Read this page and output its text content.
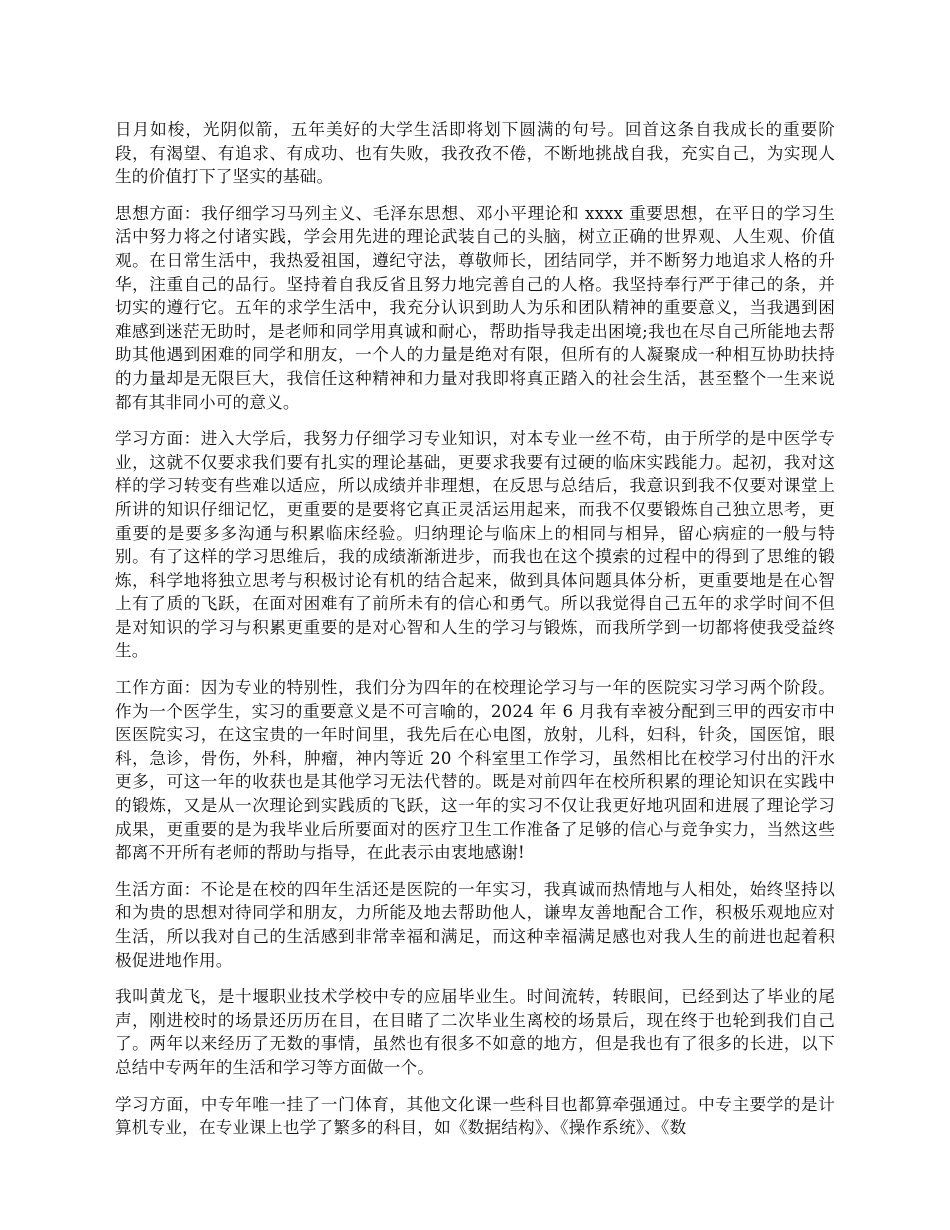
日月如梭，光阴似箭，五年美好的大学生活即将划下圆满的句号。回首这条自我成长的重要阶段，有渴望、有追求、有成功、也有失败，我孜孜不倦，不断地挑战自我，充实自己，为实现人生的价值打下了坚实的基础。

思想方面：我仔细学习马列主义、毛泽东思想、邓小平理论和 xxxx 重要思想，在平日的学习生活中努力将之付诸实践，学会用先进的理论武装自己的头脑，树立正确的世界观、人生观、价值观。在日常生活中，我热爱祖国，遵纪守法，尊敬师长，团结同学，并不断努力地追求人格的升华，注重自己的品行。坚持着自我反省且努力地完善自己的人格。我坚持奉行严于律己的条，并切实的遵行它。五年的求学生活中，我充分认识到助人为乐和团队精神的重要意义，当我遇到困难感到迷茫无助时，是老师和同学用真诚和耐心，帮助指导我走出困境;我也在尽自己所能地去帮助其他遇到困难的同学和朋友，一个人的力量是绝对有限，但所有的人凝聚成一种相互协助扶持的力量却是无限巨大，我信任这种精神和力量对我即将真正踏入的社会生活，甚至整个一生来说都有其非同小可的意义。

学习方面：进入大学后，我努力仔细学习专业知识，对本专业一丝不苟，由于所学的是中医学专业，这就不仅要求我们要有扎实的理论基础，更要求我要有过硬的临床实践能力。起初，我对这样的学习转变有些难以适应，所以成绩并非理想，在反思与总结后，我意识到我不仅要对课堂上所讲的知识仔细记忆，更重要的是要将它真正灵活运用起来，而我不仅要锻炼自己独立思考，更重要的是要多多沟通与积累临床经验。归纳理论与临床上的相同与相异，留心病症的一般与特别。有了这样的学习思维后，我的成绩渐渐进步，而我也在这个摸索的过程中的得到了思维的锻炼，科学地将独立思考与积极讨论有机的结合起来，做到具体问题具体分析，更重要地是在心智上有了质的飞跃，在面对困难有了前所未有的信心和勇气。所以我觉得自己五年的求学时间不但是对知识的学习与积累更重要的是对心智和人生的学习与锻炼，而我所学到一切都将使我受益终生。

工作方面：因为专业的特别性，我们分为四年的在校理论学习与一年的医院实习学习两个阶段。作为一个医学生，实习的重要意义是不可言喻的，2024 年 6 月我有幸被分配到三甲的西安市中医医院实习，在这宝贵的一年时间里，我先后在心电图，放射，儿科，妇科，针灸，国医馆，眼科，急诊，骨伤，外科，肿瘤，神内等近 20 个科室里工作学习，虽然相比在校学习付出的汗水更多，可这一年的收获也是其他学习无法代替的。既是对前四年在校所积累的理论知识在实践中的锻炼，又是从一次理论到实践质的飞跃，这一年的实习不仅让我更好地巩固和进展了理论学习成果，更重要的是为我毕业后所要面对的医疗卫生工作准备了足够的信心与竞争实力，当然这些都离不开所有老师的帮助与指导，在此表示由衷地感谢!

生活方面：不论是在校的四年生活还是医院的一年实习，我真诚而热情地与人相处，始终坚持以和为贵的思想对待同学和朋友，力所能及地去帮助他人，谦卑友善地配合工作，积极乐观地应对生活，所以我对自己的生活感到非常幸福和满足，而这种幸福满足感也对我人生的前进也起着积极促进地作用。

我叫黄龙飞，是十堰职业技术学校中专的应届毕业生。时间流转，转眼间，已经到达了毕业的尾声，刚进校时的场景还历历在目，在目睹了二次毕业生离校的场景后，现在终于也轮到我们自己了。两年以来经历了无数的事情，虽然也有很多不如意的地方，但是我也有了很多的长进，以下总结中专两年的生活和学习等方面做一个。

学习方面，中专年唯一挂了一门体育，其他文化课一些科目也都算牵强通过。中专主要学的是计算机专业，在专业课上也学了繁多的科目，如《数据结构》、《操作系统》、《数
